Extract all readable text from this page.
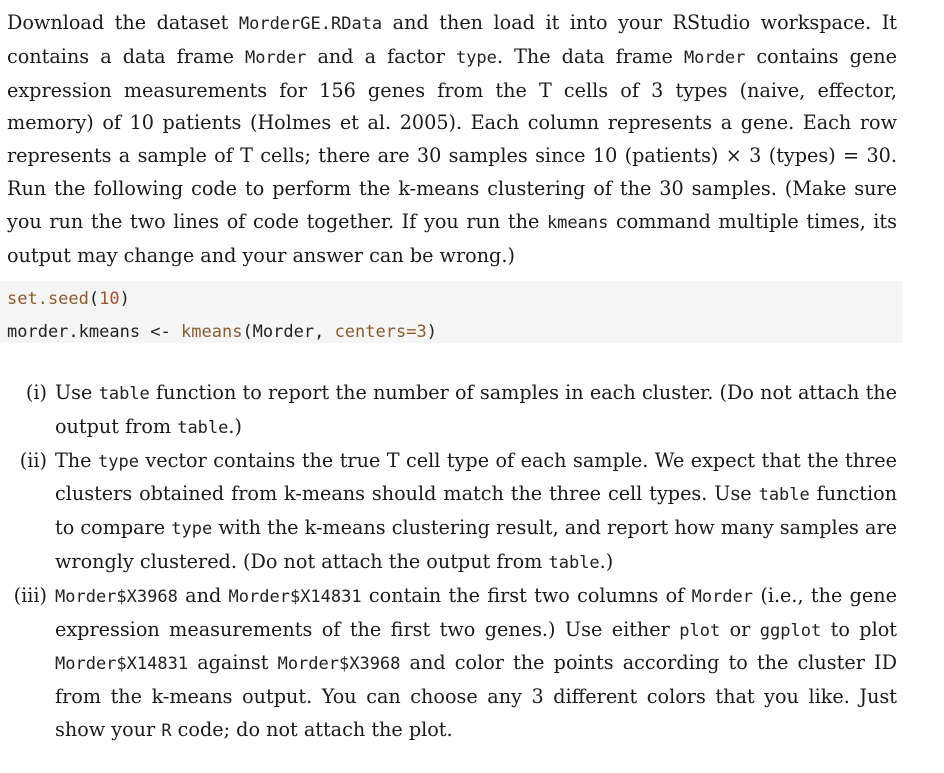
Download the dataset MorderGE.RData and then load it into your RStudio workspace. It contains a data frame Morder and a factor type. The data frame Morder contains gene expression measurements for 156 genes from the T cells of 3 types (naive, effector, memory) of 10 patients (Holmes et al. 2005). Each column represents a gene. Each row represents a sample of T cells; there are 30 samples since 10 (patients) × 3 (types) = 30. Run the following code to perform the k-means clustering of the 30 samples. (Make sure you run the two lines of code together. If you run the kmeans command multiple times, its output may change and your answer can be wrong.)
set.seed(10)
morder.kmeans <- kmeans(Morder, centers=3)
(i) Use table function to report the number of samples in each cluster. (Do not attach the output from table.)
(ii) The type vector contains the true T cell type of each sample. We expect that the three clusters obtained from k-means should match the three cell types. Use table function to compare type with the k-means clustering result, and report how many samples are wrongly clustered. (Do not attach the output from table.)
(iii) Morder$X3968 and Morder$X14831 contain the first two columns of Morder (i.e., the gene expression measurements of the first two genes.) Use either plot or ggplot to plot Morder$X14831 against Morder$X3968 and color the points according to the cluster ID from the k-means output. You can choose any 3 different colors that you like. Just show your R code; do not attach the plot.
